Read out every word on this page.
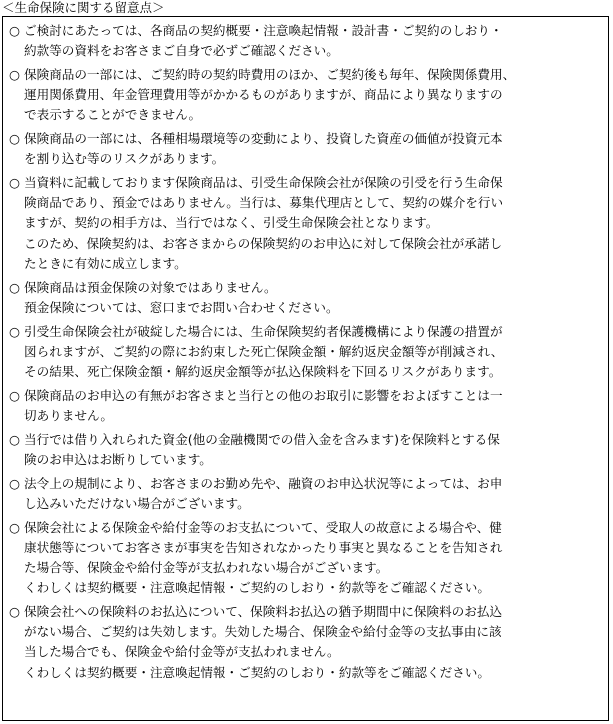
＜生命保険に関する留意点＞
○ ご検討にあたっては、各商品の契約概要・注意喚起情報・設計書・ご契約のしおり・
約款等の資料をお客さまご自身で必ずご確認ください。
○ 保険商品の一部には、ご契約時の契約時費用のほか、ご契約後も毎年、保険関係費用、
運用関係費用、年金管理費用等がかかるものがありますが、商品により異なりますの
で表示することができません。
○ 保険商品の一部には、各種相場環境等の変動により、投資した資産の価値が投資元本
を割り込む等のリスクがあります。
○ 当資料に記載しております保険商品は、引受生命保険会社が保険の引受を行う生命保
険商品であり、預金ではありません。当行は、募集代理店として、契約の媒介を行い
ますが、契約の相手方は、当行ではなく、引受生命保険会社となります。
このため、保険契約は、お客さまからの保険契約のお申込に対して保険会社が承諾し
たときに有効に成立します。
○ 保険商品は預金保険の対象ではありません。
預金保険については、窓口までお問い合わせください。
○ 引受生命保険会社が破綻した場合には、生命保険契約者保護機構により保護の措置が
図られますが、ご契約の際にお約束した死亡保険金額・解約返戻金額等が削減され、
その結果、死亡保険金額・解約返戻金額等が払込保険料を下回るリスクがあります。
○ 保険商品のお申込の有無がお客さまと当行との他のお取引に影響をおよぼすことは一
切ありません。
○ 当行では借り入れられた資金(他の金融機関での借入金を含みます)を保険料とする保
険のお申込はお断りしています。
○ 法令上の規制により、お客さまのお勤め先や、融資のお申込状況等によっては、お申
し込みいただけない場合がございます。
○ 保険会社による保険金や給付金等のお支払について、受取人の故意による場合や、健
康状態等についてお客さまが事実を告知されなかったり事実と異なることを告知され
た場合等、保険金や給付金等が支払われない場合がございます。
くわしくは契約概要・注意喚起情報・ご契約のしおり・約款等をご確認ください。
○ 保険会社への保険料のお払込について、保険料お払込の猶予期間中に保険料のお払込
がない場合、ご契約は失効します。失効した場合、保険金や給付金等の支払事由に該
当した場合でも、保険金や給付金等が支払われません。
くわしくは契約概要・注意喚起情報・ご契約のしおり・約款等をご確認ください。
